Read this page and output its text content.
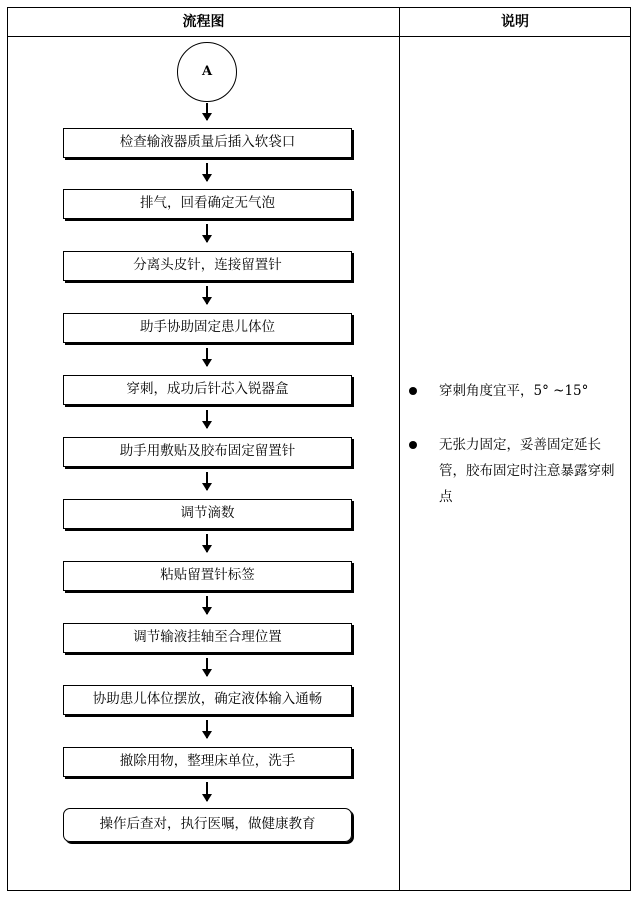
流程图	说明
A
检查输液器质量后插入软袋口
排气，回看确定无气泡
分离头皮针，连接留置针
助手协助固定患儿体位
穿刺，成功后针芯入锐器盒
助手用敷贴及胶布固定留置针
调节滴数
粘贴留置针标签
调节输液挂轴至合理位置
协助患儿体位摆放，确定液体输入通畅
撤除用物，整理床单位，洗手
操作后查对，执行医嘱，做健康教育
穿刺角度宜平，5° ~15°
无张力固定，妥善固定延长管，胶布固定时注意暴露穿刺点
